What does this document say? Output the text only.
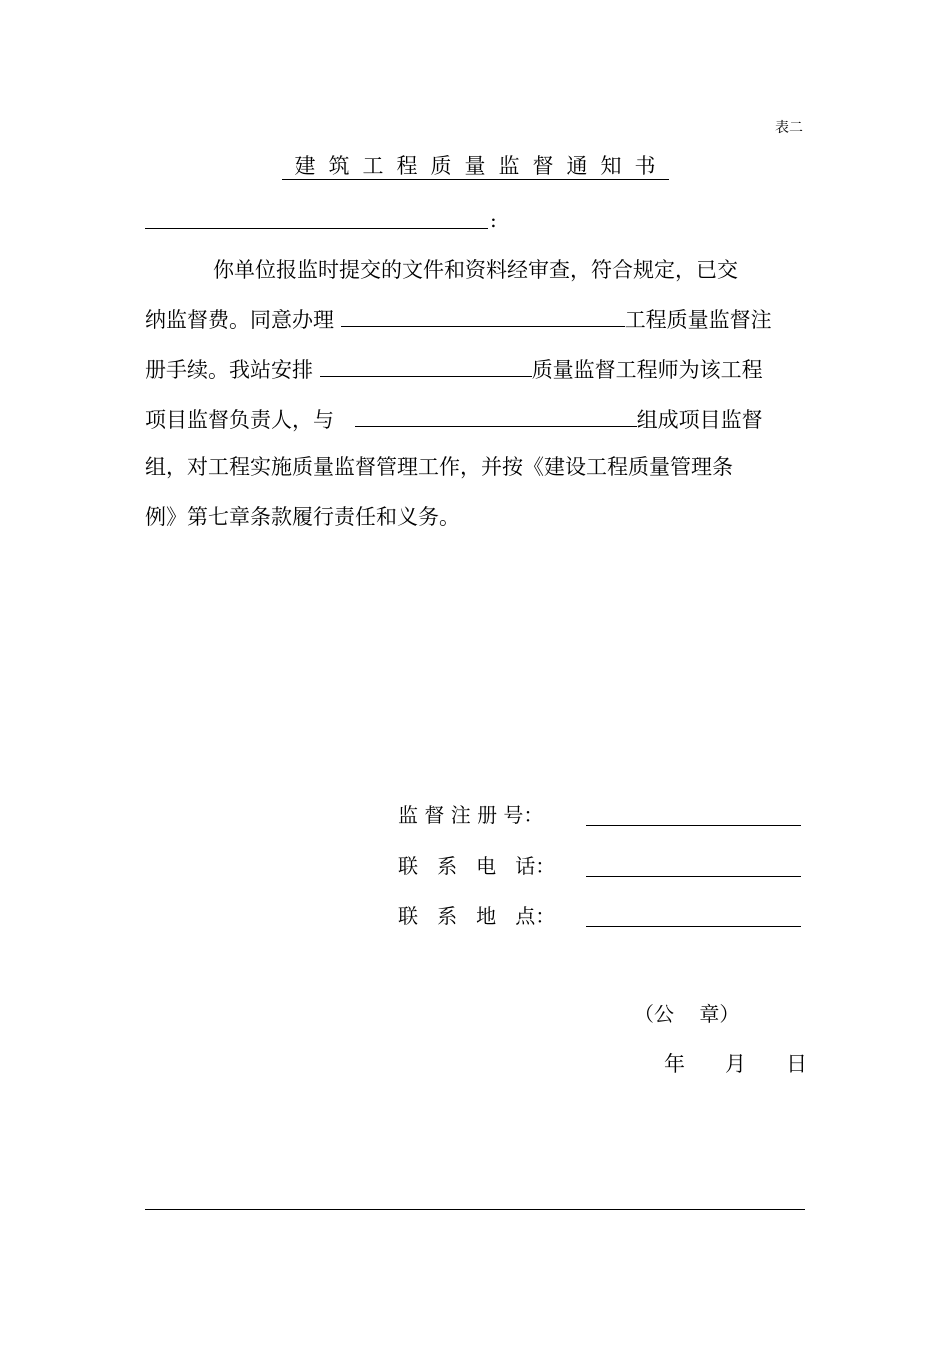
表二
建筑工程质量监督通知书
:
你单位报监时提交的文件和资料经审查，符合规定，已交
纳监督费。同意办理	工程质量监督注
册手续。我站安排	质量监督工程师为该工程
项目监督负责人，与	组成项目监督
组，对工程实施质量监督管理工作，并按《建设工程质量管理条
例》第七章条款履行责任和义务。
监 督 注 册 号：
联   系   电   话：
联   系   地   点：
（公    章）
年      月      日
